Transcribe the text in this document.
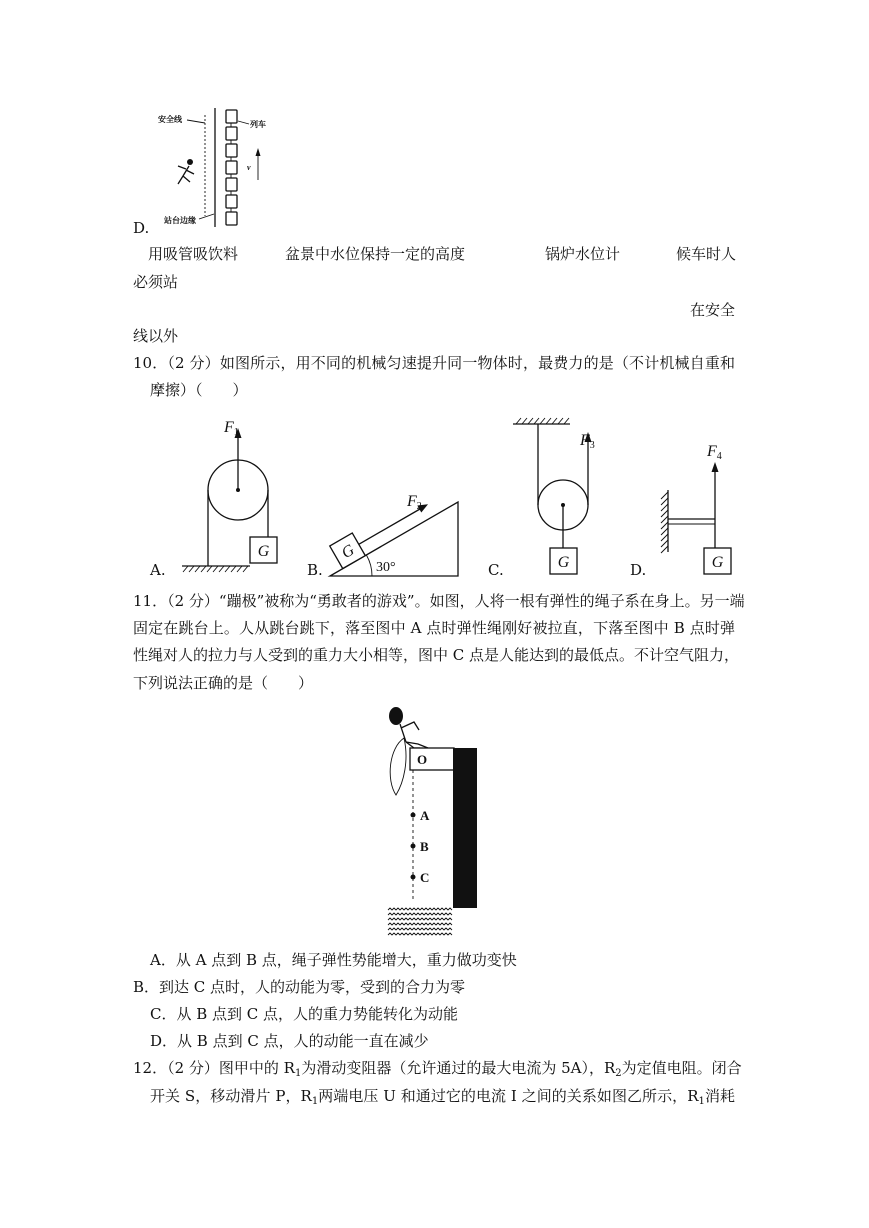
安全线
列车
v
站台边缘
D.
用吸管吸饮料	盆景中水位保持一定的高度	锅炉水位计	候车时人
必须站
在安全
线以外
10．（2 分）如图所示，用不同的机械匀速提升同一物体时，最费力的是（不计机械自重和
摩擦）（　　）
F1
G	G
F2
30°
F3
G
F4
G
A.	B.	C.	D.
11．（2 分）“蹦极”被称为“勇敢者的游戏”。如图，人将一根有弹性的绳子系在身上。另一端
固定在跳台上。人从跳台跳下，落至图中 A 点时弹性绳刚好被拉直，下落至图中 B 点时弹
性绳对人的拉力与人受到的重力大小相等，图中 C 点是人能达到的最低点。不计空气阻力，
下列说法正确的是（　　）
O
A
B
C
A．从 A 点到 B 点，绳子弹性势能增大，重力做功变快
B．到达 C 点时，人的动能为零，受到的合力为零
C．从 B 点到 C 点，人的重力势能转化为动能
D．从 B 点到 C 点，人的动能一直在减少
12．（2 分）图甲中的 $R_1$为滑动变阻器（允许通过的最大电流为 5A），$R_2$为定值电阻。闭合
开关 S，移动滑片 P，$R_1$两端电压 U 和通过它的电流 I 之间的关系如图乙所示，$R_1$消耗
